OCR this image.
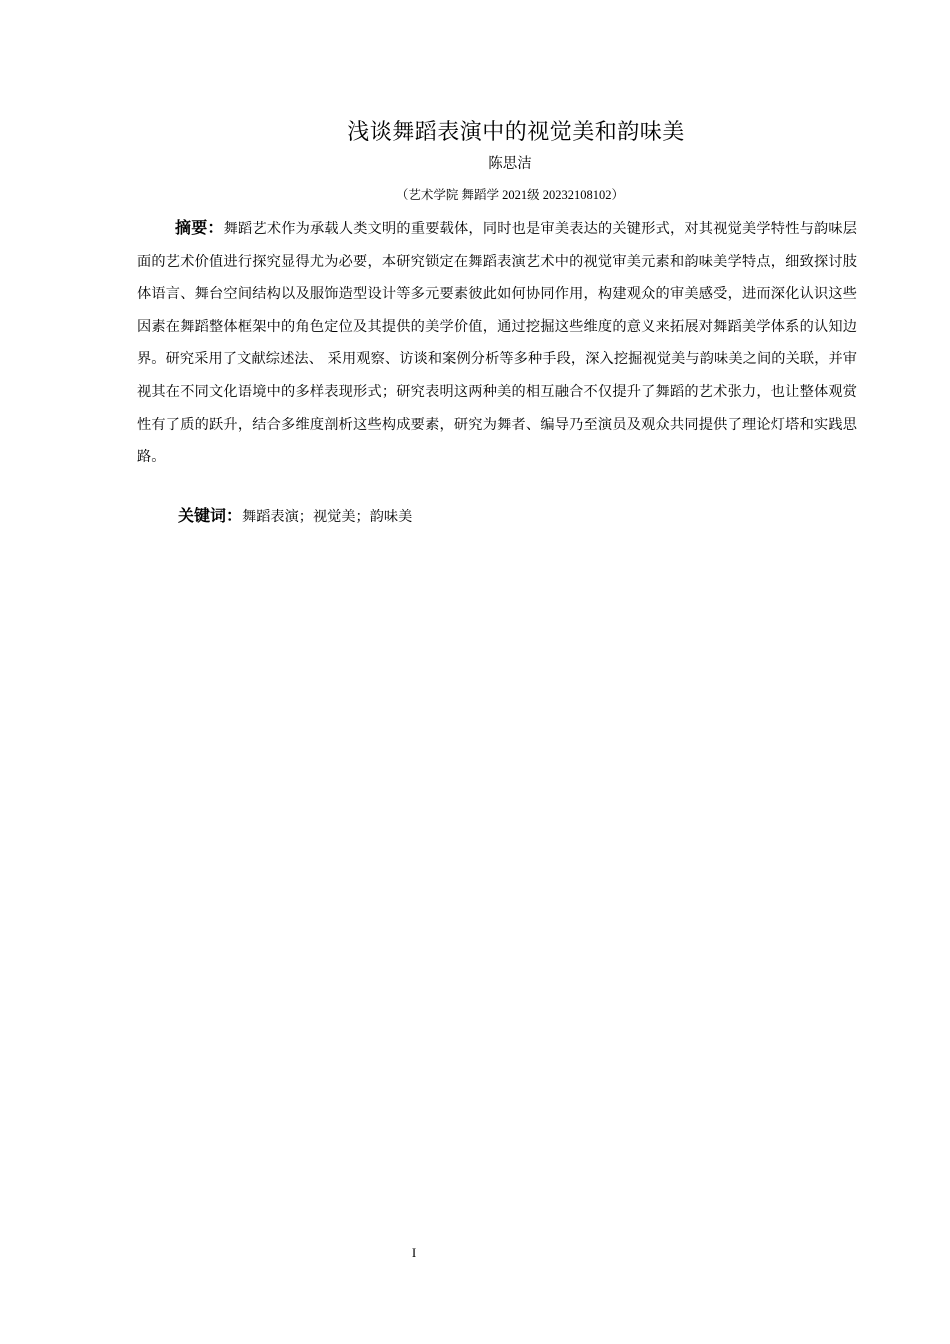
浅谈舞蹈表演中的视觉美和韵味美
陈思洁
（艺术学院 舞蹈学 2021级 20232108102）

摘要：舞蹈艺术作为承载人类文明的重要载体，同时也是审美表达的关键形式，对其视觉美学特性与韵味层面的艺术价值进行探究显得尤为必要，本研究锁定在舞蹈表演艺术中的视觉审美元素和韵味美学特点，细致探讨肢体语言、舞台空间结构以及服饰造型设计等多元要素彼此如何协同作用，构建观众的审美感受，进而深化认识这些因素在舞蹈整体框架中的角色定位及其提供的美学价值，通过挖掘这些维度的意义来拓展对舞蹈美学体系的认知边界。研究采用了文献综述法、 采用观察、访谈和案例分析等多种手段，深入挖掘视觉美与韵味美之间的关联，并审视其在不同文化语境中的多样表现形式；研究表明这两种美的相互融合不仅提升了舞蹈的艺术张力，也让整体观赏性有了质的跃升，结合多维度剖析这些构成要素，研究为舞者、编导乃至演员及观众共同提供了理论灯塔和实践思路。

关键词：舞蹈表演；视觉美；韵味美

I
